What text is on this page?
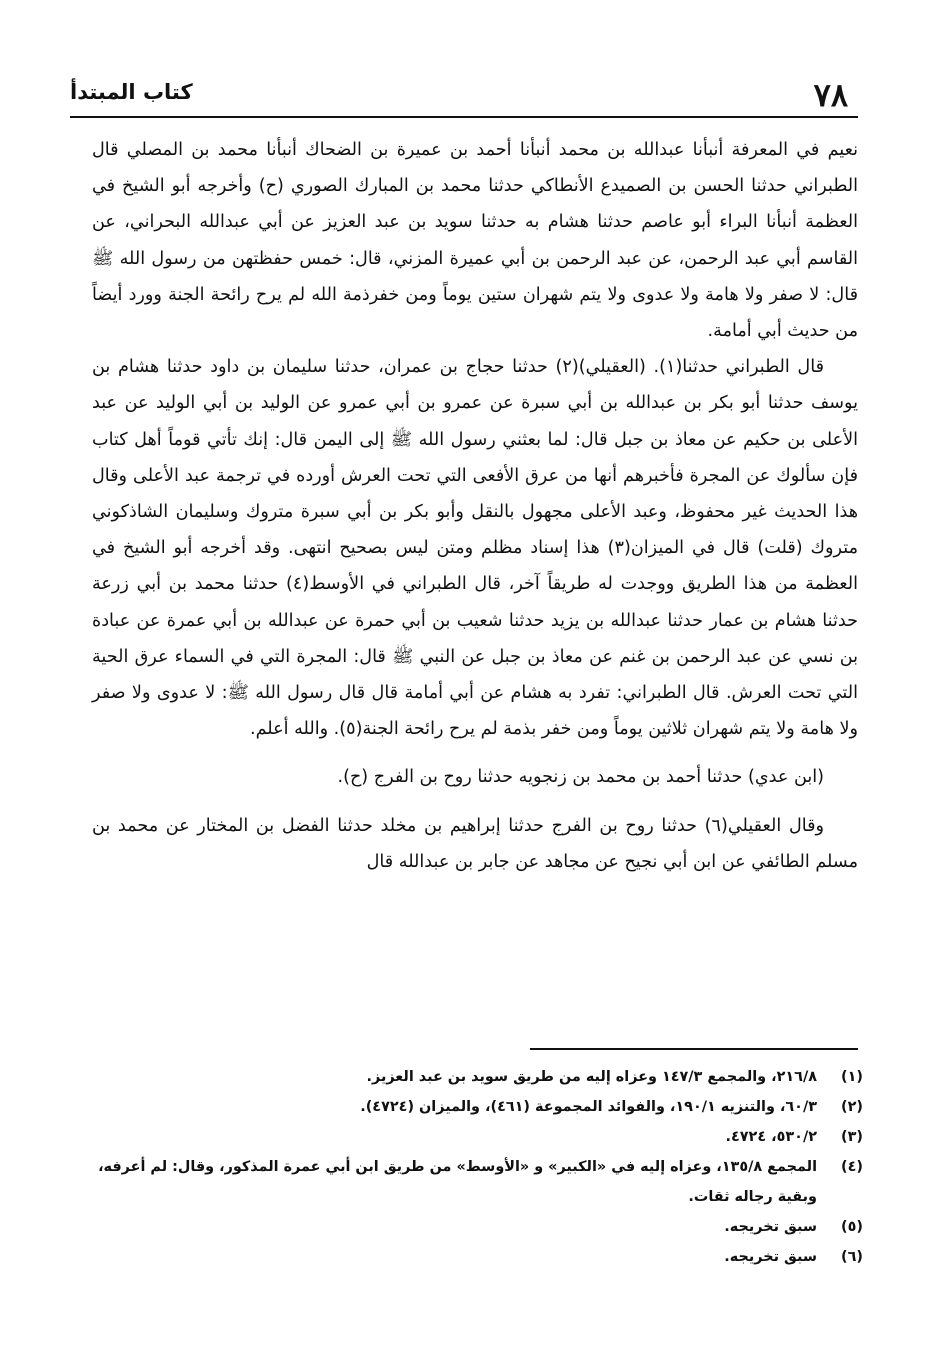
٧٨
كتاب المبتدأ

نعيم في المعرفة أنبأنا عبدالله بن محمد أنبأنا أحمد بن عميرة بن الضحاك أنبأنا محمد بن المصلي قال الطبراني حدثنا الحسن بن الصميدع الأنطاكي حدثنا محمد بن المبارك الصوري (ح) وأخرجه أبو الشيخ في العظمة أنبأنا البراء أبو عاصم حدثنا هشام به حدثنا سويد بن عبد العزيز عن أبي عبدالله البحراني، عن القاسم أبي عبد الرحمن، عن عبد الرحمن بن أبي عميرة المزني، قال: خمس حفظتهن من رسول الله ﷺ قال: لا صفر ولا هامة ولا عدوى ولا يتم شهران ستين يوماً ومن خفرذمة الله لم يرح رائحة الجنة وورد أيضاً من حديث أبي أمامة.

قال الطبراني حدثنا(١). (العقيلي)(٢) حدثنا حجاج بن عمران، حدثنا سليمان بن داود حدثنا هشام بن يوسف حدثنا أبو بكر بن عبدالله بن أبي سبرة عن عمرو بن أبي عمرو عن الوليد بن أبي الوليد عن عبد الأعلى بن حكيم عن معاذ بن جبل قال: لما بعثني رسول الله ﷺ إلى اليمن قال: إنك تأتي قوماً أهل كتاب فإن سألوك عن المجرة فأخبرهم أنها من عرق الأفعى التي تحت العرش أورده في ترجمة عبد الأعلى وقال هذا الحديث غير محفوظ، وعبد الأعلى مجهول بالنقل وأبو بكر بن أبي سبرة متروك وسليمان الشاذكوني متروك (قلت) قال في الميزان(٣) هذا إسناد مظلم ومتن ليس بصحيح انتهى. وقد أخرجه أبو الشيخ في العظمة من هذا الطريق ووجدت له طريقاً آخر، قال الطبراني في الأوسط(٤) حدثنا محمد بن أبي زرعة حدثنا هشام بن عمار حدثنا عبدالله بن يزيد حدثنا شعيب بن أبي حمرة عن عبدالله بن أبي عمرة عن عبادة بن نسي عن عبد الرحمن بن غنم عن معاذ بن جبل عن النبي ﷺ قال: المجرة التي في السماء عرق الحية التي تحت العرش. قال الطبراني: تفرد به هشام عن أبي أمامة قال قال رسول الله ﷺ: لا عدوى ولا صفر ولا هامة ولا يتم شهران ثلاثين يوماً ومن خفر بذمة لم يرح رائحة الجنة(٥). والله أعلم.

(ابن عدي) حدثنا أحمد بن محمد بن زنجويه حدثنا روح بن الفرج (ح).

وقال العقيلي(٦) حدثنا روح بن الفرج حدثنا إبراهيم بن مخلد حدثنا الفضل بن المختار عن محمد بن مسلم الطائفي عن ابن أبي نجيح عن مجاهد عن جابر بن عبدالله قال

(١)
٢١٦/٨، والمجمع ١٤٧/٣ وعزاه إليه من طريق سويد بن عبد العزيز.
(٢)
٦٠/٣، والتنزيه ١٩٠/١، والفوائد المجموعة (٤٦١)، والميزان (٤٧٢٤).
(٣)
٥٣٠/٢، ٤٧٢٤.
(٤)
المجمع ١٣٥/٨، وعزاه إليه في «الكبير» و «الأوسط» من طريق ابن أبي عمرة المذكور، وقال: لم أعرفه، وبقية رجاله ثقات.
(٥)
سبق تخريجه.
(٦)
سبق تخريجه.
